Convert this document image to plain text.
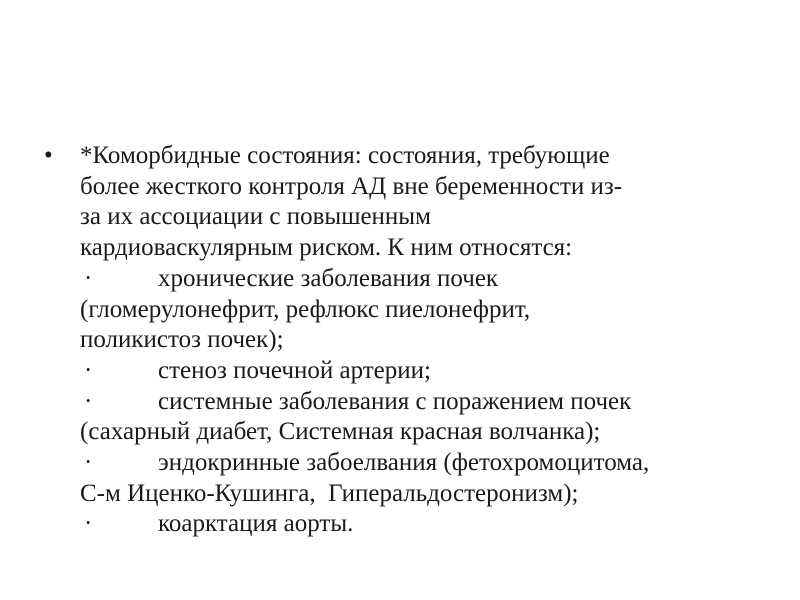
•	*Коморбидные состояния: состояния, требующие
более жесткого контроля АД вне беременности из-
за их ассоциации с повышенным
кардиоваскулярным риском. К ним относятся:
·	хронические заболевания почек
(гломерулонефрит, рефлюкс пиелонефрит,
поликистоз почек);
·	стеноз почечной артерии;
·	системные заболевания с поражением почек
(сахарный диабет, Системная красная волчанка);
·	эндокринные забоелвания (фетохромоцитома,
С-м Иценко-Кушинга,  Гиперальдостеронизм);
·	коарктация аорты.
